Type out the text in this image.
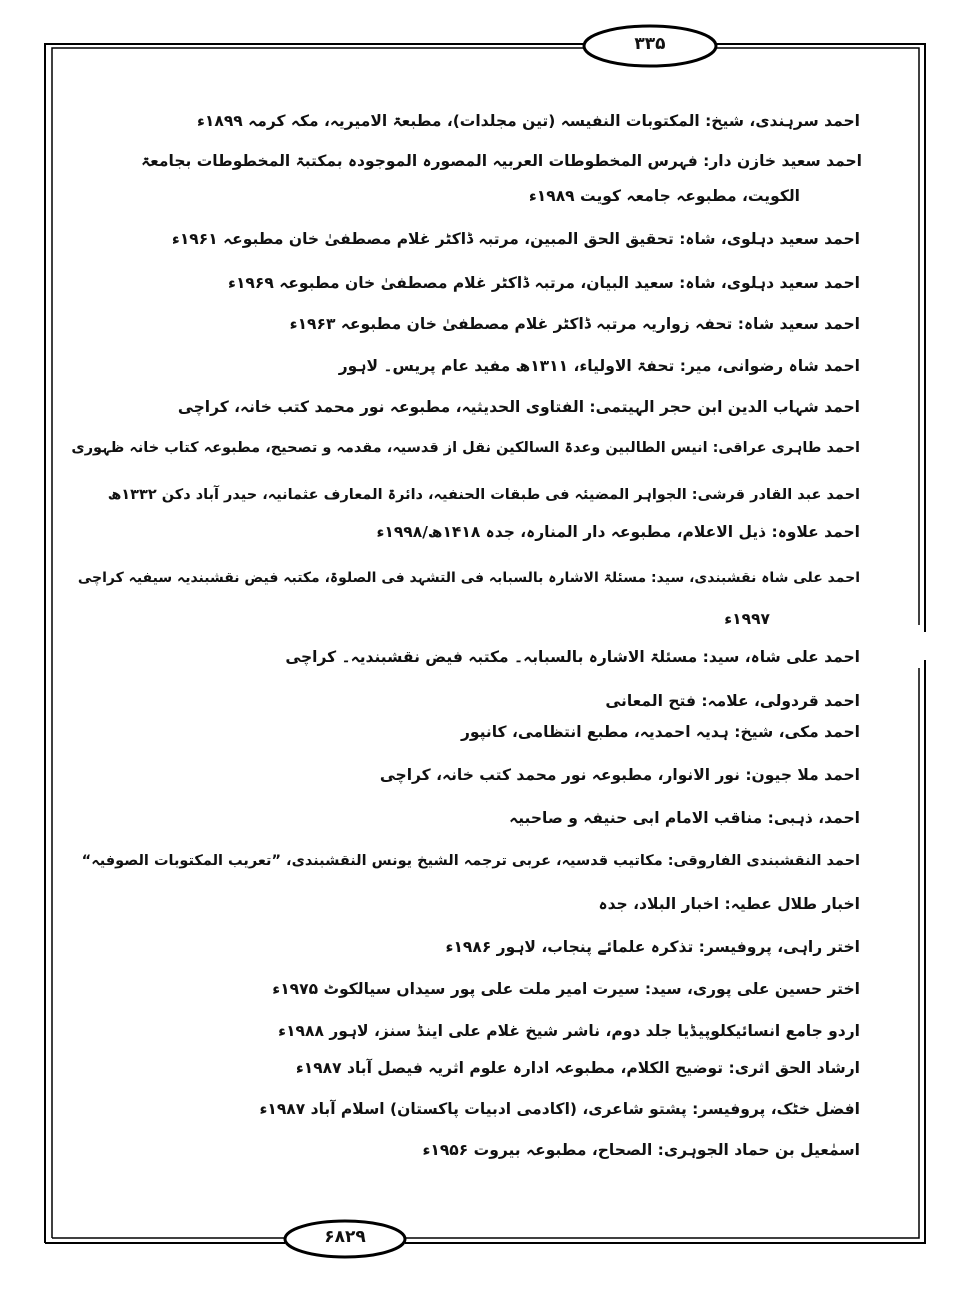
۳۳۵
۶۸۲۹
احمد سرہندی، شیخ: المکتوبات النفیسہ (تین مجلدات)، مطبعۃ الامیریہ، مکہ کرمہ ۱۸۹۹ء
احمد سعید خازن دار: فہرس المخطوطات العربیہ المصورہ الموجودہ بمکتبۃ المخطوطات بجامعۃ
الکویت، مطبوعہ جامعہ کویت ۱۹۸۹ء
احمد سعید دہلوی، شاہ: تحقیق الحق المبین، مرتبہ ڈاکٹر غلام مصطفیٰ خان مطبوعہ ۱۹۶۱ء
احمد سعید دہلوی، شاہ: سعید البیان، مرتبہ ڈاکٹر غلام مصطفیٰ خان مطبوعہ ۱۹۶۹ء
احمد سعید شاہ: تحفہ زواریہ مرتبہ ڈاکٹر غلام مصطفیٰ خان مطبوعہ ۱۹۶۳ء
احمد شاہ رضوانی، میر: تحفۃ الاولیاء، ۱۳۱۱ھ مفید عام پریس۔ لاہور
احمد شہاب الدین ابن حجر الہیتمی: الفتاوی الحدیثیہ، مطبوعہ نور محمد کتب خانہ، کراچی
احمد طاہری عراقی: انیس الطالبین وعدۃ السالکین نقل از قدسیہ، مقدمہ و تصحیح، مطبوعہ کتاب خانہ ظہوری
احمد عبد القادر قرشی: الجواہر المضیئہ فی طبقات الحنفیہ، دائرۃ المعارف عثمانیہ، حیدر آباد دکن ۱۳۳۲ھ
احمد علاوہ: ذیل الاعلام، مطبوعہ دار المنارہ، جدہ ۱۴۱۸ھ/۱۹۹۸ء
احمد علی شاہ نقشبندی، سید: مسئلۃ الاشارہ بالسبابہ فی التشہد فی الصلوۃ، مکتبہ فیض نقشبندیہ سیفیہ کراچی
۱۹۹۷ء
احمد علی شاہ، سید: مسئلۃ الاشارہ بالسبابہ۔ مکتبہ فیض نقشبندیہ۔ کراچی
احمد قردولی، علامہ: فتح المعانی
احمد مکی، شیخ: ہدیہ احمدیہ، مطبع انتظامی، کانپور
احمد ملا جیون: نور الانوار، مطبوعہ نور محمد کتب خانہ، کراچی
احمد، ذہبی: مناقب الامام ابی حنیفہ و صاحبیہ
احمد النقشبندی الفاروقی: مکاتیب قدسیہ، عربی ترجمہ الشیخ یونس النقشبندی، ”تعریب المکتوبات الصوفیہ“
اخبار طلال عطیہ: اخبار البلاد، جدہ
اختر راہی، پروفیسر: تذکرہ علمائے پنجاب، لاہور ۱۹۸۶ء
اختر حسین علی پوری، سید: سیرت امیر ملت علی پور سیداں سیالکوٹ ۱۹۷۵ء
اردو جامع انسائیکلوپیڈیا جلد دوم، ناشر شیخ غلام علی اینڈ سنز، لاہور ۱۹۸۸ء
ارشاد الحق اثری: توضیح الکلام، مطبوعہ ادارہ علوم اثریہ فیصل آباد ۱۹۸۷ء
افضل خٹک، پروفیسر: پشتو شاعری، (اکادمی ادبیات پاکستان) اسلام آباد ۱۹۸۷ء
اسمٰعیل بن حماد الجوہری: الصحاح، مطبوعہ بیروت ۱۹۵۶ء
